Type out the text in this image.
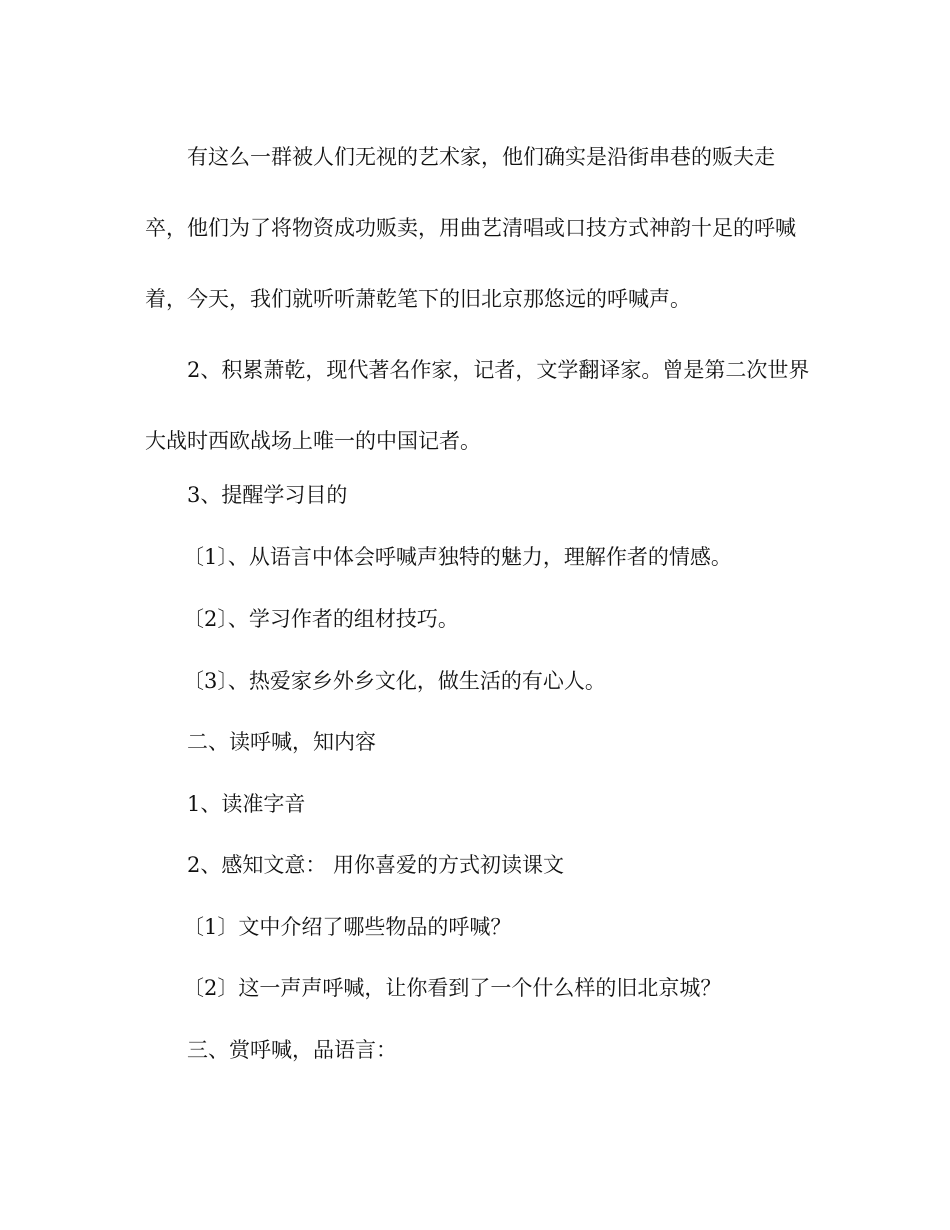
有这么一群被人们无视的艺术家，他们确实是沿街串巷的贩夫走卒，他们为了将物资成功贩卖，用曲艺清唱或口技方式神韵十足的呼喊着，今天，我们就听听萧乾笔下的旧北京那悠远的呼喊声。

2、积累萧乾，现代著名作家，记者，文学翻译家。曾是第二次世界大战时西欧战场上唯一的中国记者。

3、提醒学习目的

〔1〕、从语言中体会呼喊声独特的魅力，理解作者的情感。

〔2〕、学习作者的组材技巧。

〔3〕、热爱家乡外乡文化，做生活的有心人。

二、读呼喊，知内容

1、读准字音

2、感知文意： 用你喜爱的方式初读课文

〔1〕文中介绍了哪些物品的呼喊？

〔2〕这一声声呼喊，让你看到了一个什么样的旧北京城？

三、赏呼喊，品语言：
